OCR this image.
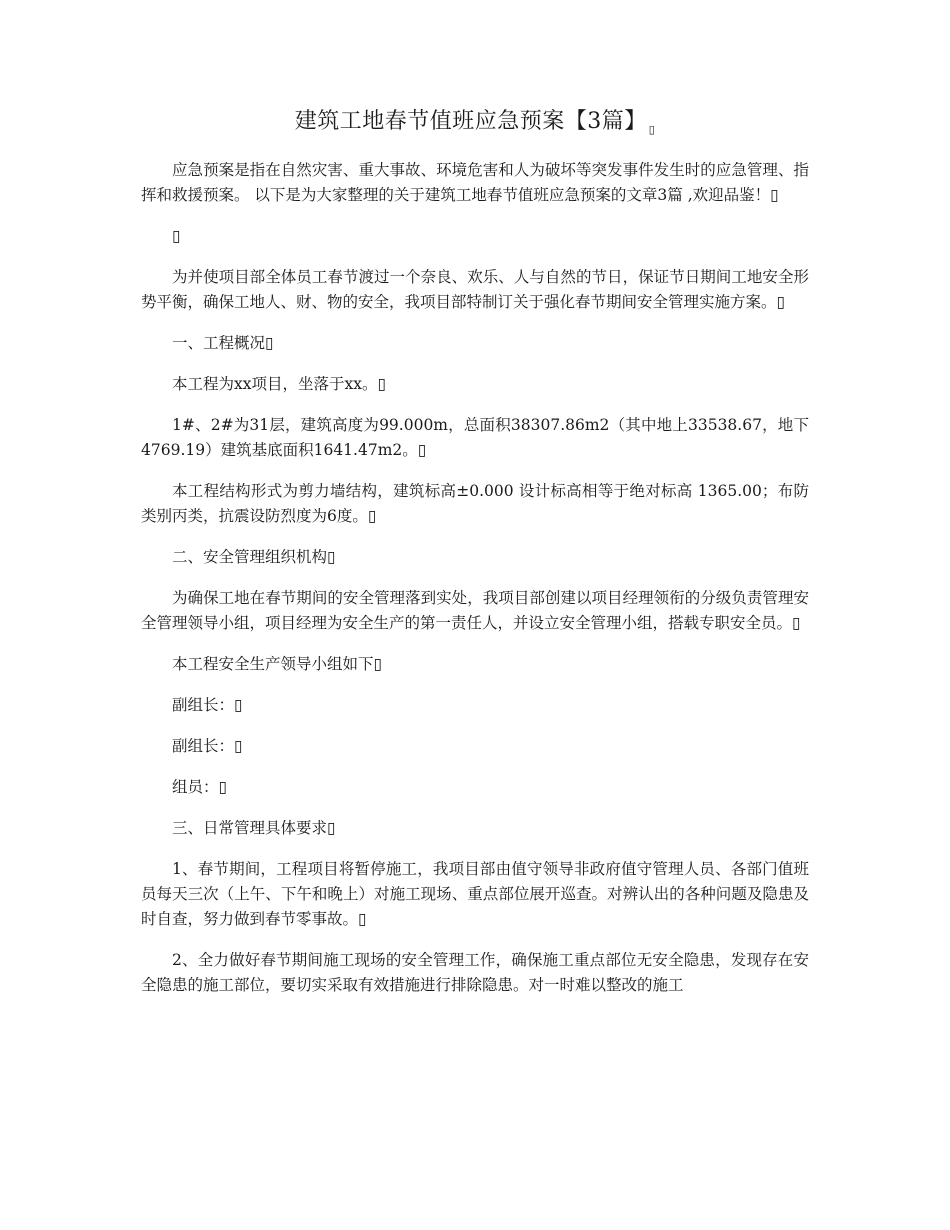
建筑工地春节值班应急预案【3篇】 $_▯$

应急预案是指在自然灾害、重大事故、环境危害和人为破坏等突发事件发生时的应急管理、指挥和救援预案。 以下是为大家整理的关于建筑工地春节值班应急预案的文章3篇 ,欢迎品鉴！▯

▯

为并使项目部全体员工春节渡过一个奈良、欢乐、人与自然的节日，保证节日期间工地安全形势平衡，确保工地人、财、物的安全，我项目部特制订关于强化春节期间安全管理实施方案。▯

一、工程概况▯

本工程为xx项目，坐落于xx。▯

1#、2#为31层，建筑高度为99.000m，总面积38307.86m2（其中地上33538.67，地下4769.19）建筑基底面积1641.47m2。▯

本工程结构形式为剪力墙结构，建筑标高±0.000 设计标高相等于绝对标高 1365.00；布防类别丙类，抗震设防烈度为6度。▯

二、安全管理组织机构▯

为确保工地在春节期间的安全管理落到实处，我项目部创建以项目经理领衔的分级负责管理安全管理领导小组，项目经理为安全生产的第一责任人，并设立安全管理小组，搭载专职安全员。▯

本工程安全生产领导小组如下▯

副组长：▯

副组长：▯

组员：▯

三、日常管理具体要求▯

1、春节期间，工程项目将暂停施工，我项目部由值守领导非政府值守管理人员、各部门值班员每天三次（上午、下午和晚上）对施工现场、重点部位展开巡查。对辨认出的各种问题及隐患及时自查，努力做到春节零事故。▯

2、全力做好春节期间施工现场的安全管理工作，确保施工重点部位无安全隐患，发现存在安全隐患的施工部位，要切实采取有效措施进行排除隐患。对一时难以整改的施工
